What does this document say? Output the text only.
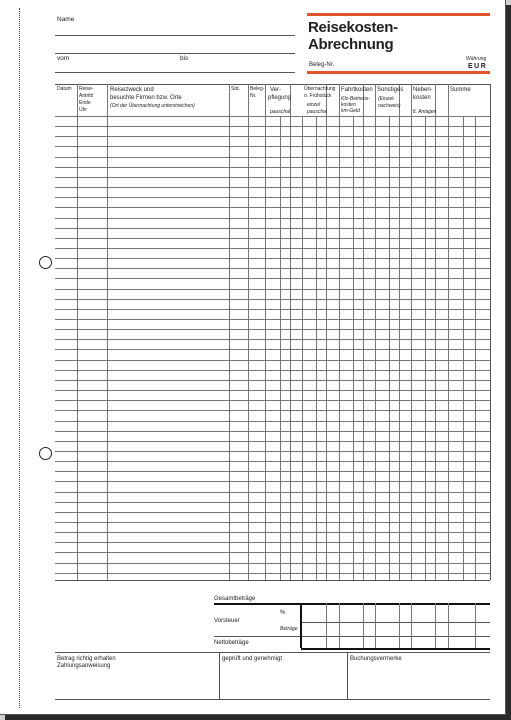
Name
vom	bis
Reisekosten-
Abrechnung
Beleg-Nr.
Währung
EUR
Datum Reise-
Antritt/
Ende
Uhr
Reisezweck und
besuchte Firmen bzw. Orte
(Ort der Übernachtung unterstreichen)
Std. Beleg-
Nr.
Ver-
pflegung
pauschal
Übernachtung
o. Frühstück
einzel
pauschal
Fahrtkosten
Kfz-Betriebs-
kosten
km-Geld
Sonstiges
(Einzel-
nachweis)
Neben-
kosten
lt. Anlagen
Summe
Gesamtbeträge
%
Vorsteuer
Beträge
Nettobeträge
Betrag richtig erhalten
Zahlungsanweisung
geprüft und genehmigt	Buchungsvermerke
